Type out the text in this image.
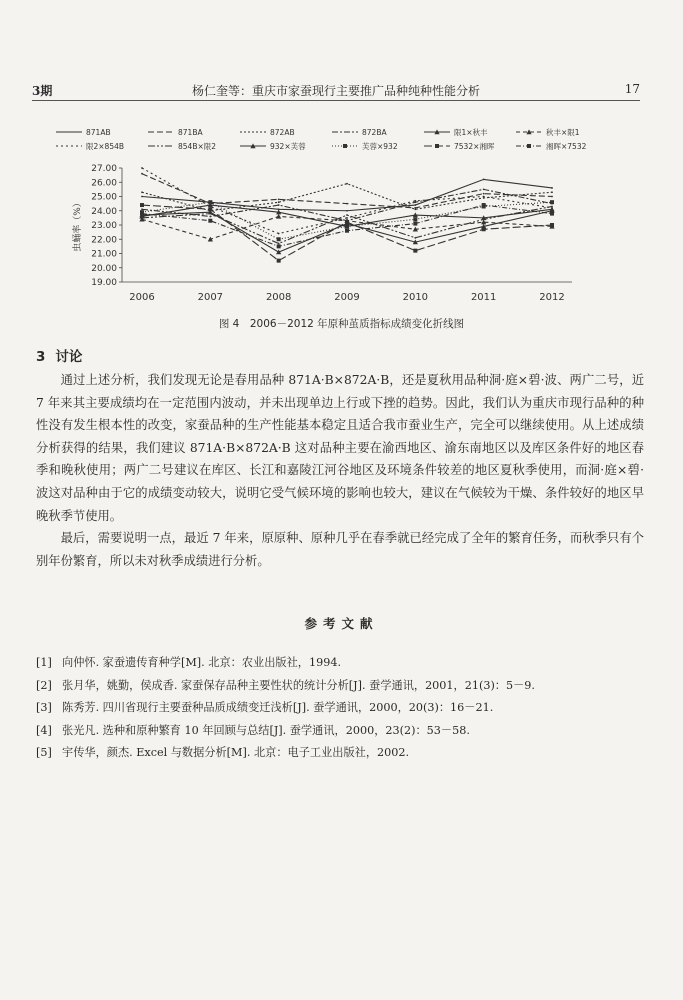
3期	杨仁奎等：重庆市家蚕现行主要推广品种纯种性能分析	17
871AB	871BA	872AB	872BA	限1×秋丰	秋丰×限1
限2×854B	854B×限2	932×芙蓉	芙蓉×932	7532×湘晖	湘晖×7532
19.00
20.00
21.00
22.00
23.00
24.00
25.00
26.00
27.00
2006	2007	2008	2009	2010	2011	2012
虫蛹率（%）
图 4　2006－2012 年原种茧质指标成绩变化折线图
3 讨论

通过上述分析，我们发现无论是春用品种 871A·B×872A·B，还是夏秋用品种洞·庭×碧·波、两广二号，近 7 年来其主要成绩均在一定范围内波动，并未出现单边上行或下挫的趋势。因此，我们认为重庆市现行品种的种性没有发生根本性的改变，家蚕品种的生产性能基本稳定且适合我市蚕业生产，完全可以继续使用。从上述成绩分析获得的结果，我们建议 871A·B×872A·B 这对品种主要在渝西地区、渝东南地区以及库区条件好的地区春季和晚秋使用；两广二号建议在库区、长江和嘉陵江河谷地区及环境条件较差的地区夏秋季使用，而洞·庭×碧·波这对品种由于它的成绩变动较大，说明它受气候环境的影响也较大，建议在气候较为干燥、条件较好的地区早晚秋季节使用。

最后，需要说明一点，最近 7 年来，原原种、原种几乎在春季就已经完成了全年的繁育任务，而秋季只有个别年份繁育，所以未对秋季成绩进行分析。

参考文献
[1] 向仲怀. 家蚕遗传育种学[M]. 北京：农业出版社，1994.
[2] 张月华，姚勤，侯成香. 家蚕保存品种主要性状的统计分析[J]. 蚕学通讯，2001，21(3)：5－9.
[3] 陈秀芳. 四川省现行主要蚕种品质成绩变迁浅析[J]. 蚕学通讯，2000，20(3)：16－21.
[4] 张光凡. 选种和原种繁育 10 年回顾与总结[J]. 蚕学通讯，2000，23(2)：53－58.
[5] 宇传华，颜杰. Excel 与数据分析[M]. 北京：电子工业出版社，2002.
